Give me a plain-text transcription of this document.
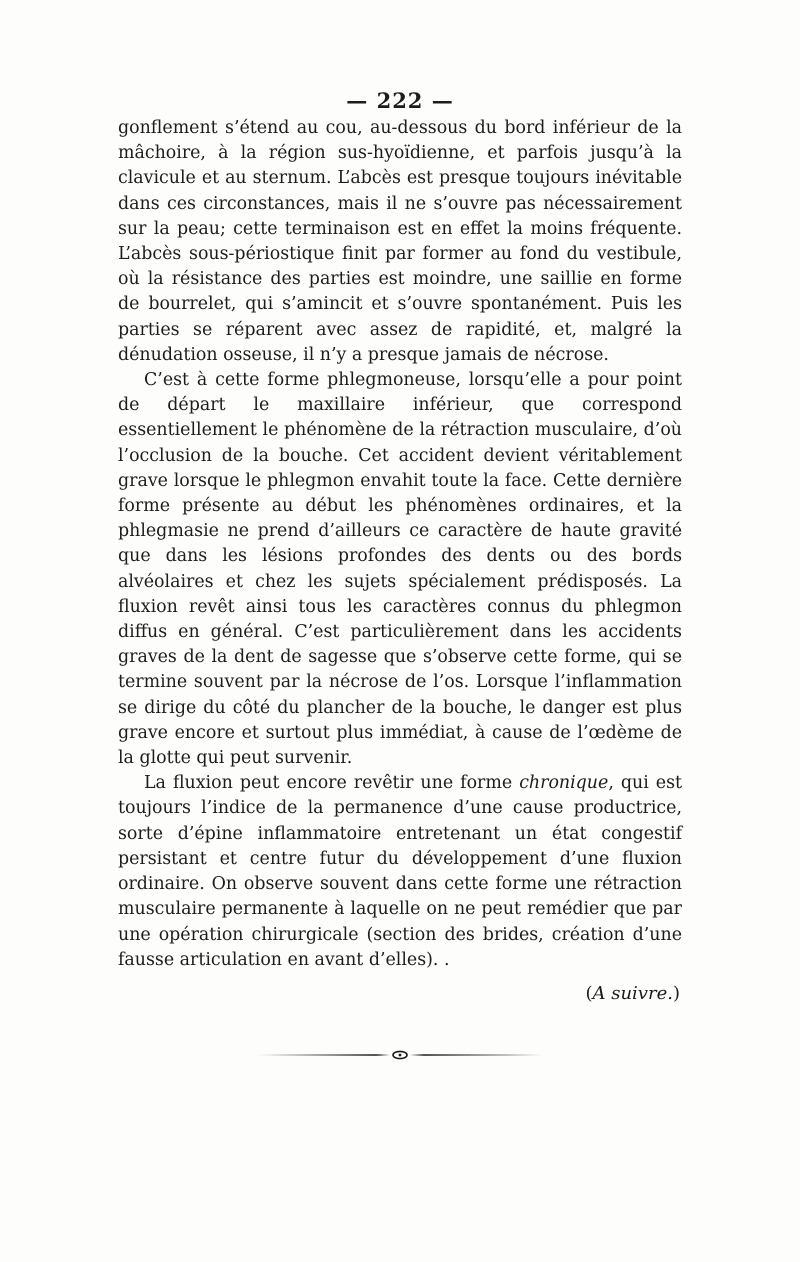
— 222 —

gonflement s’étend au cou, au-dessous du bord inférieur de la mâchoire, à la région sus-hyoïdienne, et parfois jusqu’à la clavicule et au sternum. L’abcès est presque toujours inévitable dans ces circonstances, mais il ne s’ouvre pas nécessairement sur la peau; cette terminaison est en effet la moins fréquente. L’abcès sous-périostique finit par former au fond du vestibule, où la résistance des parties est moindre, une saillie en forme de bourrelet, qui s’amincit et s’ouvre spontanément. Puis les parties se réparent avec assez de rapidité, et, malgré la dénudation osseuse, il n’y a presque jamais de nécrose.

C’est à cette forme phlegmoneuse, lorsqu’elle a pour point de départ le maxillaire inférieur, que correspond essentiellement le phénomène de la rétraction musculaire, d’où l’occlusion de la bouche. Cet accident devient véritablement grave lorsque le phlegmon envahit toute la face. Cette dernière forme présente au début les phénomènes ordinaires, et la phlegmasie ne prend d’ailleurs ce caractère de haute gravité que dans les lésions profondes des dents ou des bords alvéolaires et chez les sujets spécialement prédisposés. La fluxion revêt ainsi tous les caractères connus du phlegmon diffus en général. C’est particulièrement dans les accidents graves de la dent de sagesse que s’observe cette forme, qui se termine souvent par la nécrose de l’os. Lorsque l’inflammation se dirige du côté du plancher de la bouche, le danger est plus grave encore et surtout plus immédiat, à cause de l’œdème de la glotte qui peut survenir.

La fluxion peut encore revêtir une forme chronique, qui est toujours l’indice de la permanence d’une cause productrice, sorte d’épine inflammatoire entretenant un état congestif persistant et centre futur du développement d’une fluxion ordinaire. On observe souvent dans cette forme une rétraction musculaire permanente à laquelle on ne peut remédier que par une opération chirurgicale (section des brides, création d’une fausse articulation en avant d’elles). .

(A suivre.)
